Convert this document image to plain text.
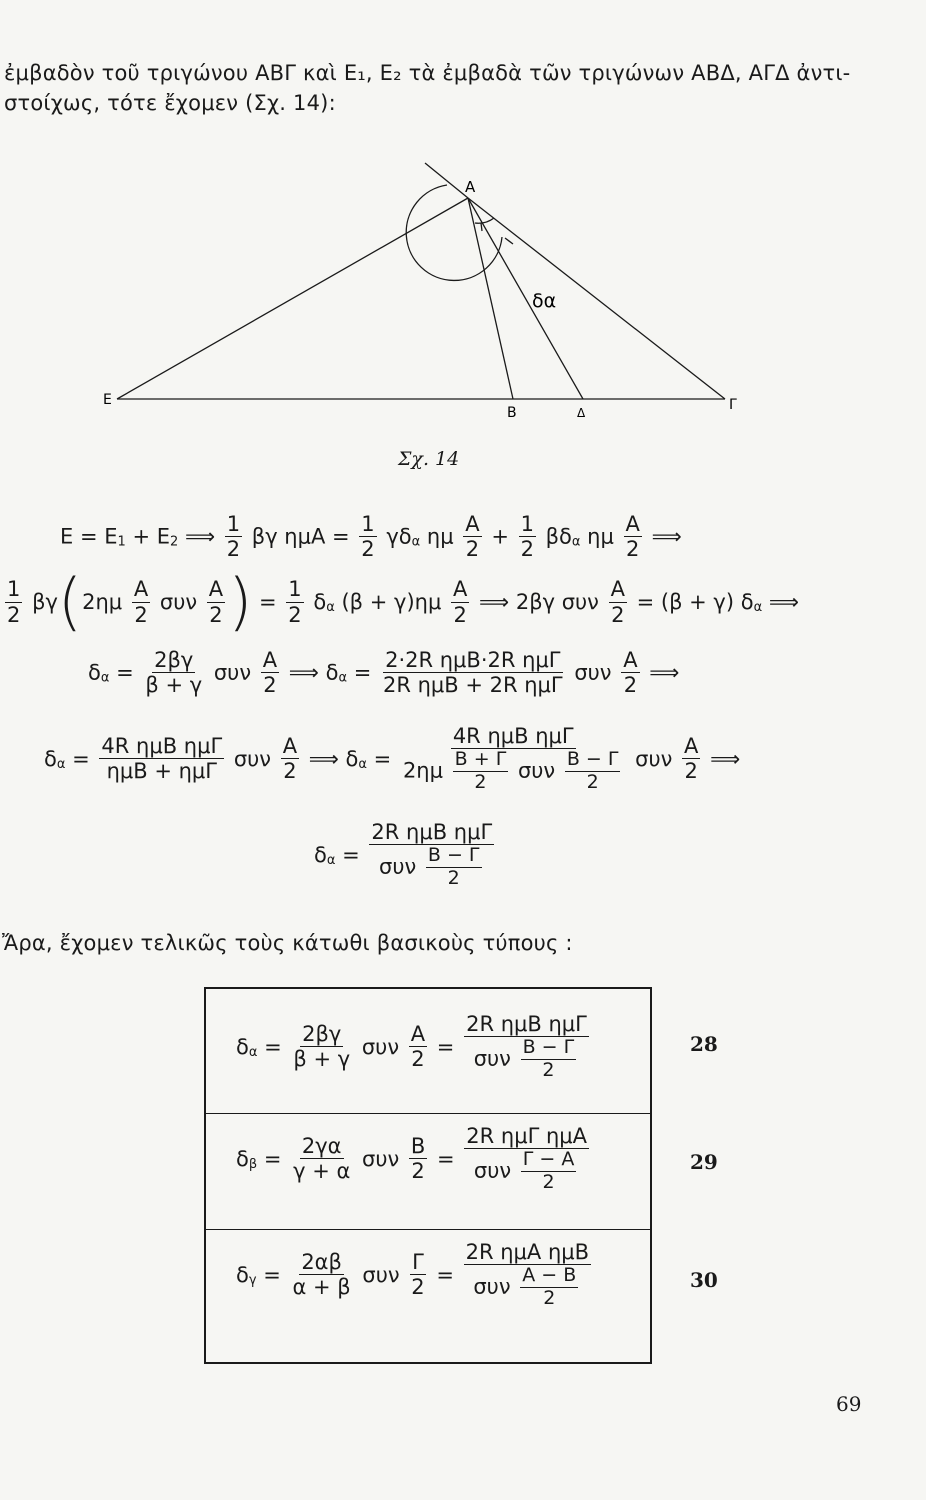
ἐμβαδὸν τοῦ τριγώνου ΑΒΓ καὶ Ε₁, Ε₂ τὰ ἐμβαδὰ τῶν τριγώνων ΑΒΔ, ΑΓΔ ἀντι-
στοίχως, τότε ἔχομεν (Σχ. 14):
Α
Ε
Β	Δ	Γ
δα
Σχ. 14
$E = E_1 + E_2$ ⟹ $\frac{1}{2}$ βγ $\eta\mu A = \frac{1}{2} \gamma\delta_\alpha$ ημ $\frac{A}{2} + \frac{1}{2} \beta\delta_\alpha$ ημ $\frac{A}{2}$ ⟹
$\frac{1}{2} \beta\gamma(2\eta\mu \frac{A}{2}$ συν $\frac{A}{2}$ ) = $\frac{1}{2} \delta_\alpha$ $(\beta + \gamma)\eta\mu \frac{A}{2}$ ⟹ 2βγ συν $\frac{A}{2} = (\beta + \gamma)$ $\delta_\alpha$ ⟹
$\delta_\alpha = \frac{2\beta\gamma}{\beta + \gamma}$ συν $\frac{A}{2}$ ⟹ $\delta_\alpha = \frac{\text{2·2R ημΒ·2R ημΓ}}{\text{2R ημΒ + 2R ημΓ}}$ συν $\frac{A}{2}$ ⟹
$\delta_\alpha = \frac{\text{4R ημΒ ημΓ}}{\text{ημΒ + ημΓ}}$ συν $\frac{A}{2}$ ⟹ $\delta_\alpha = \frac{\text{4R ημΒ ημΓ}}{2\eta\mu \frac{B + \Gamma}{2} \sigma\upsilon\nu \frac{B - \Gamma}{2}}$ συν $\frac{A}{2}$ ⟹
$\delta_\alpha = \frac{\text{2R ημΒ ημΓ}}{\sigma\upsilon\nu \frac{B - \Gamma}{2}}$
Ἄρα, ἔχομεν τελικῶς τοὺς κάτωθι βασικοὺς τύπους :
$\delta_\alpha = \frac{2\beta\gamma}{\beta + \gamma}$ συν $\frac{A}{2} = \frac{\text{2R ημΒ ημΓ}}{\sigma\upsilon\nu \frac{B - \Gamma}{2}}$	28
$\delta_\beta = \frac{2\gamma\alpha}{\gamma + \alpha}$ συν $\frac{B}{2} = \frac{\text{2R ημΓ ημΑ}}{\sigma\upsilon\nu \frac{\Gamma - A}{2}}$	29
$\delta_\gamma = \frac{2\alpha\beta}{\alpha + \beta}$ συν $\frac{\Gamma}{2} = \frac{\text{2R ημΑ ημΒ}}{\sigma\upsilon\nu \frac{A - B}{2}}$	30
69
